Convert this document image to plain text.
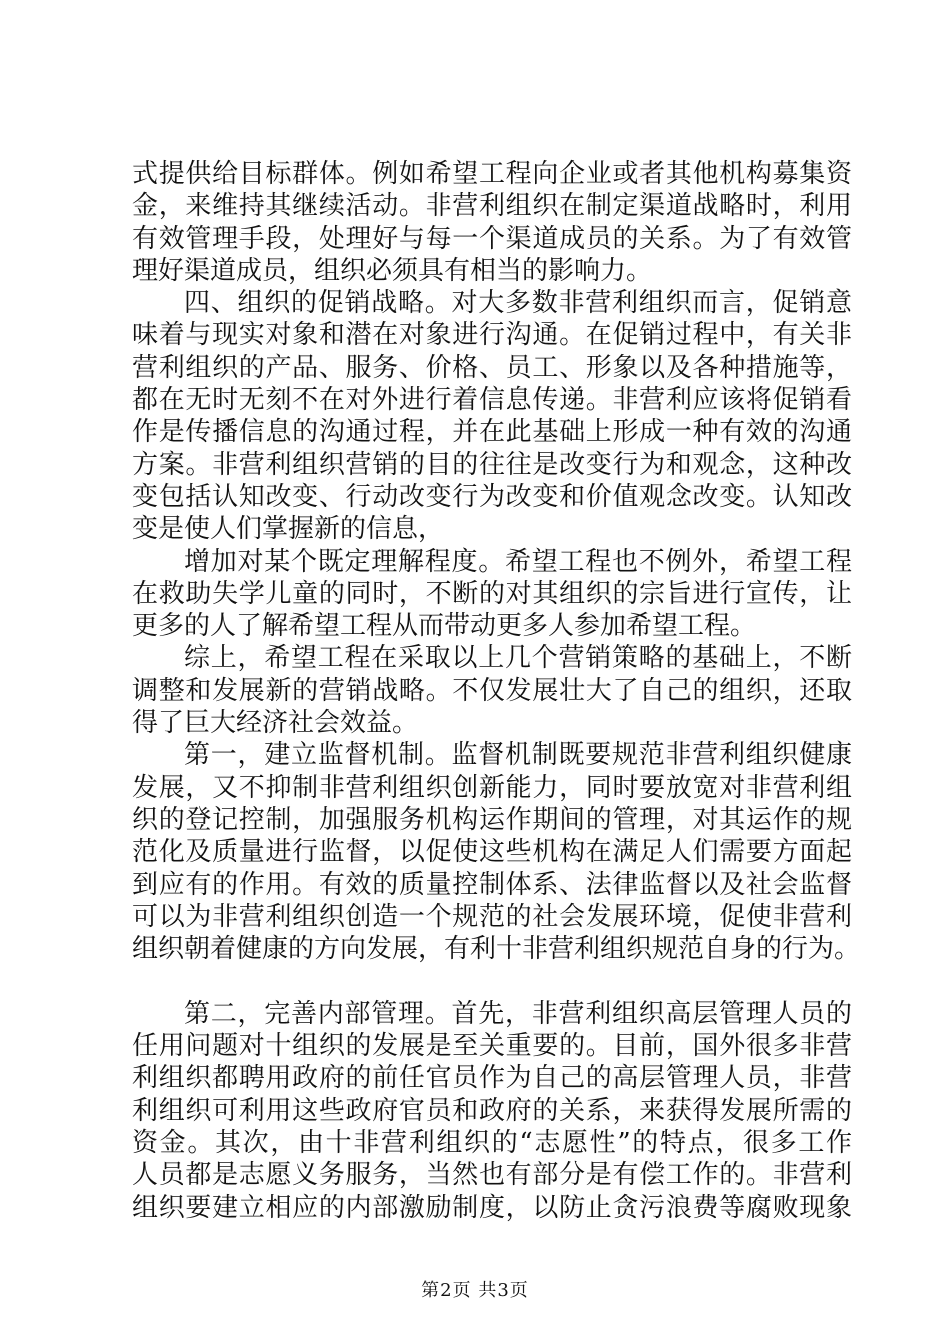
式提供给目标群体。例如希望工程向企业或者其他机构募集资
金，来维持其继续活动。非营利组织在制定渠道战略时，利用
有效管理手段，处理好与每一个渠道成员的关系。为了有效管
理好渠道成员，组织必须具有相当的影响力。
四、组织的促销战略。对大多数非营利组织而言，促销意
味着与现实对象和潜在对象进行沟通。在促销过程中，有关非
营利组织的产品、服务、价格、员工、形象以及各种措施等，
都在无时无刻不在对外进行着信息传递。非营利应该将促销看
作是传播信息的沟通过程，并在此基础上形成一种有效的沟通
方案。非营利组织营销的目的往往是改变行为和观念，这种改
变包括认知改变、行动改变行为改变和价值观念改变。认知改
变是使人们掌握新的信息，
增加对某个既定理解程度。希望工程也不例外，希望工程
在救助失学儿童的同时，不断的对其组织的宗旨进行宣传，让
更多的人了解希望工程从而带动更多人参加希望工程。
综上，希望工程在采取以上几个营销策略的基础上，不断
调整和发展新的营销战略。不仅发展壮大了自己的组织，还取
得了巨大经济社会效益。
第一，建立监督机制。监督机制既要规范非营利组织健康
发展，又不抑制非营利组织创新能力，同时要放宽对非营利组
织的登记控制，加强服务机构运作期间的管理，对其运作的规
范化及质量进行监督，以促使这些机构在满足人们需要方面起
到应有的作用。有效的质量控制体系、法律监督以及社会监督
可以为非营利组织创造一个规范的社会发展环境，促使非营利
组织朝着健康的方向发展，有利十非营利组织规范自身的行为。
第二，完善内部管理。首先，非营利组织高层管理人员的
任用问题对十组织的发展是至关重要的。目前，国外很多非营
利组织都聘用政府的前任官员作为自己的高层管理人员，非营
利组织可利用这些政府官员和政府的关系，来获得发展所需的
资金。其次，由十非营利组织的“志愿性”的特点，很多工作
人员都是志愿义务服务，当然也有部分是有偿工作的。非营利
组织要建立相应的内部激励制度，以防止贪污浪费等腐败现象
第2页 共3页
